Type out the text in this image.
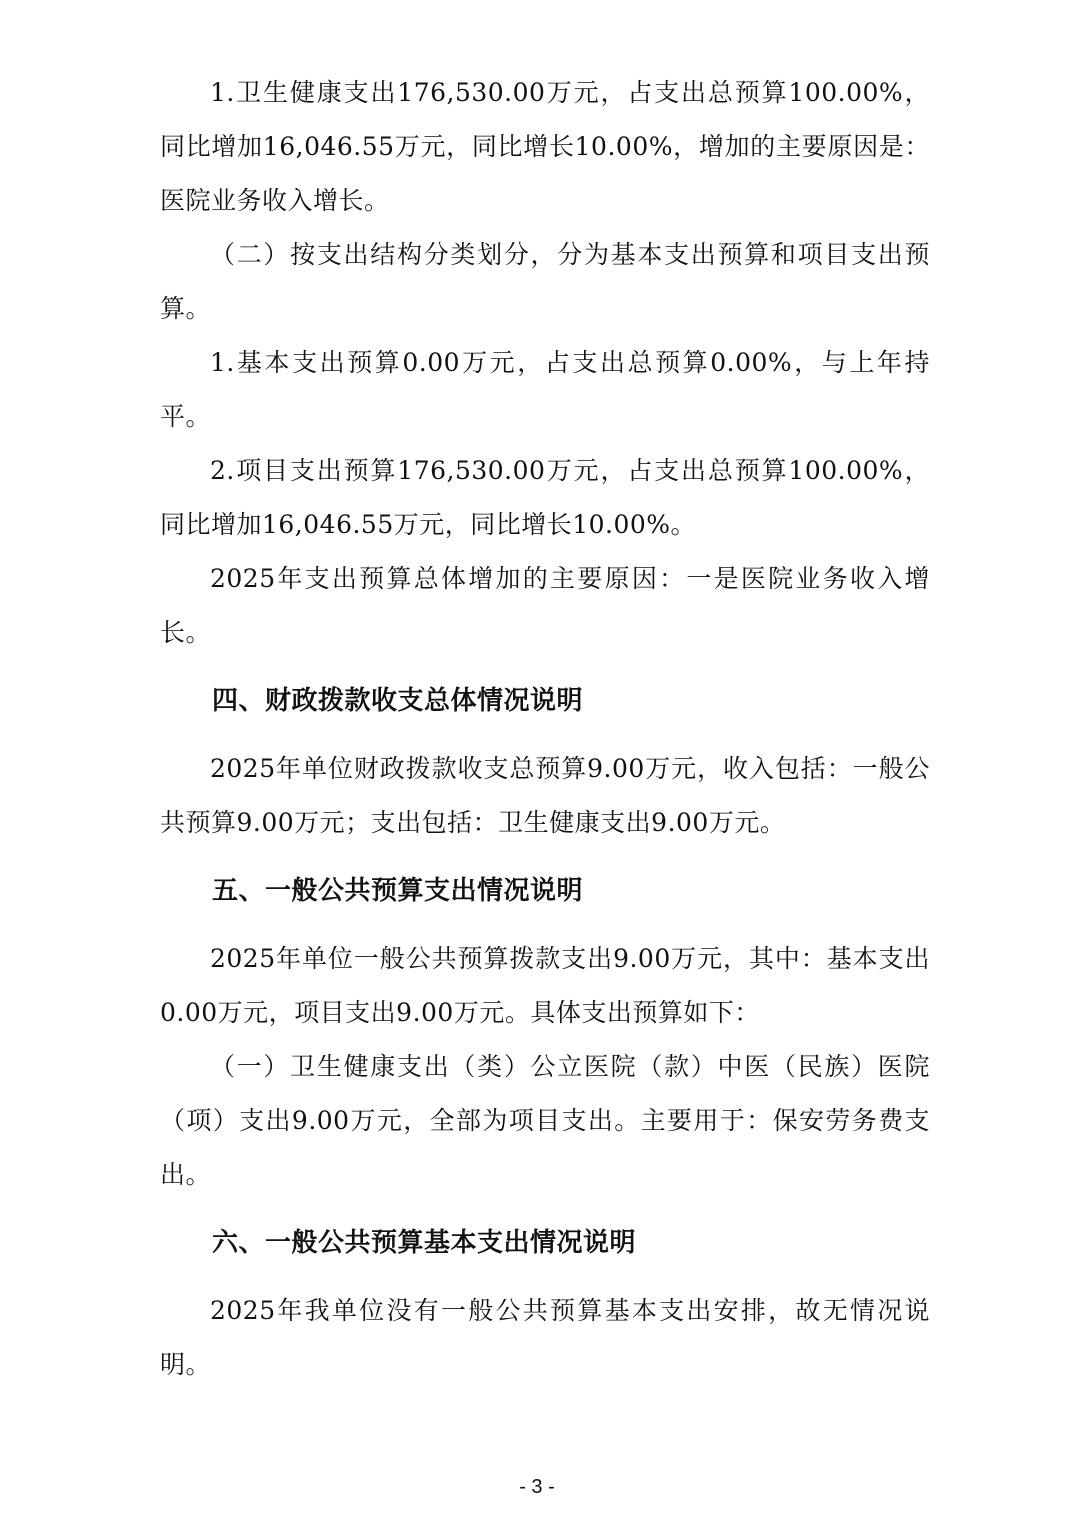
1.卫生健康支出176,530.00万元，占支出总预算100.00%，同比增加16,046.55万元，同比增长10.00%，增加的主要原因是：医院业务收入增长。

（二）按支出结构分类划分，分为基本支出预算和项目支出预算。

1.基本支出预算0.00万元，占支出总预算0.00%，与上年持平。

2.项目支出预算176,530.00万元，占支出总预算100.00%，同比增加16,046.55万元，同比增长10.00%。

2025年支出预算总体增加的主要原因：一是医院业务收入增长。

四、财政拨款收支总体情况说明

2025年单位财政拨款收支总预算9.00万元，收入包括：一般公共预算9.00万元；支出包括：卫生健康支出9.00万元。

五、一般公共预算支出情况说明

2025年单位一般公共预算拨款支出9.00万元，其中：基本支出0.00万元，项目支出9.00万元。具体支出预算如下：

（一）卫生健康支出（类）公立医院（款）中医（民族）医院（项）支出9.00万元，全部为项目支出。主要用于：保安劳务费支出。

六、一般公共预算基本支出情况说明

2025年我单位没有一般公共预算基本支出安排，故无情况说明。

- 3 -
